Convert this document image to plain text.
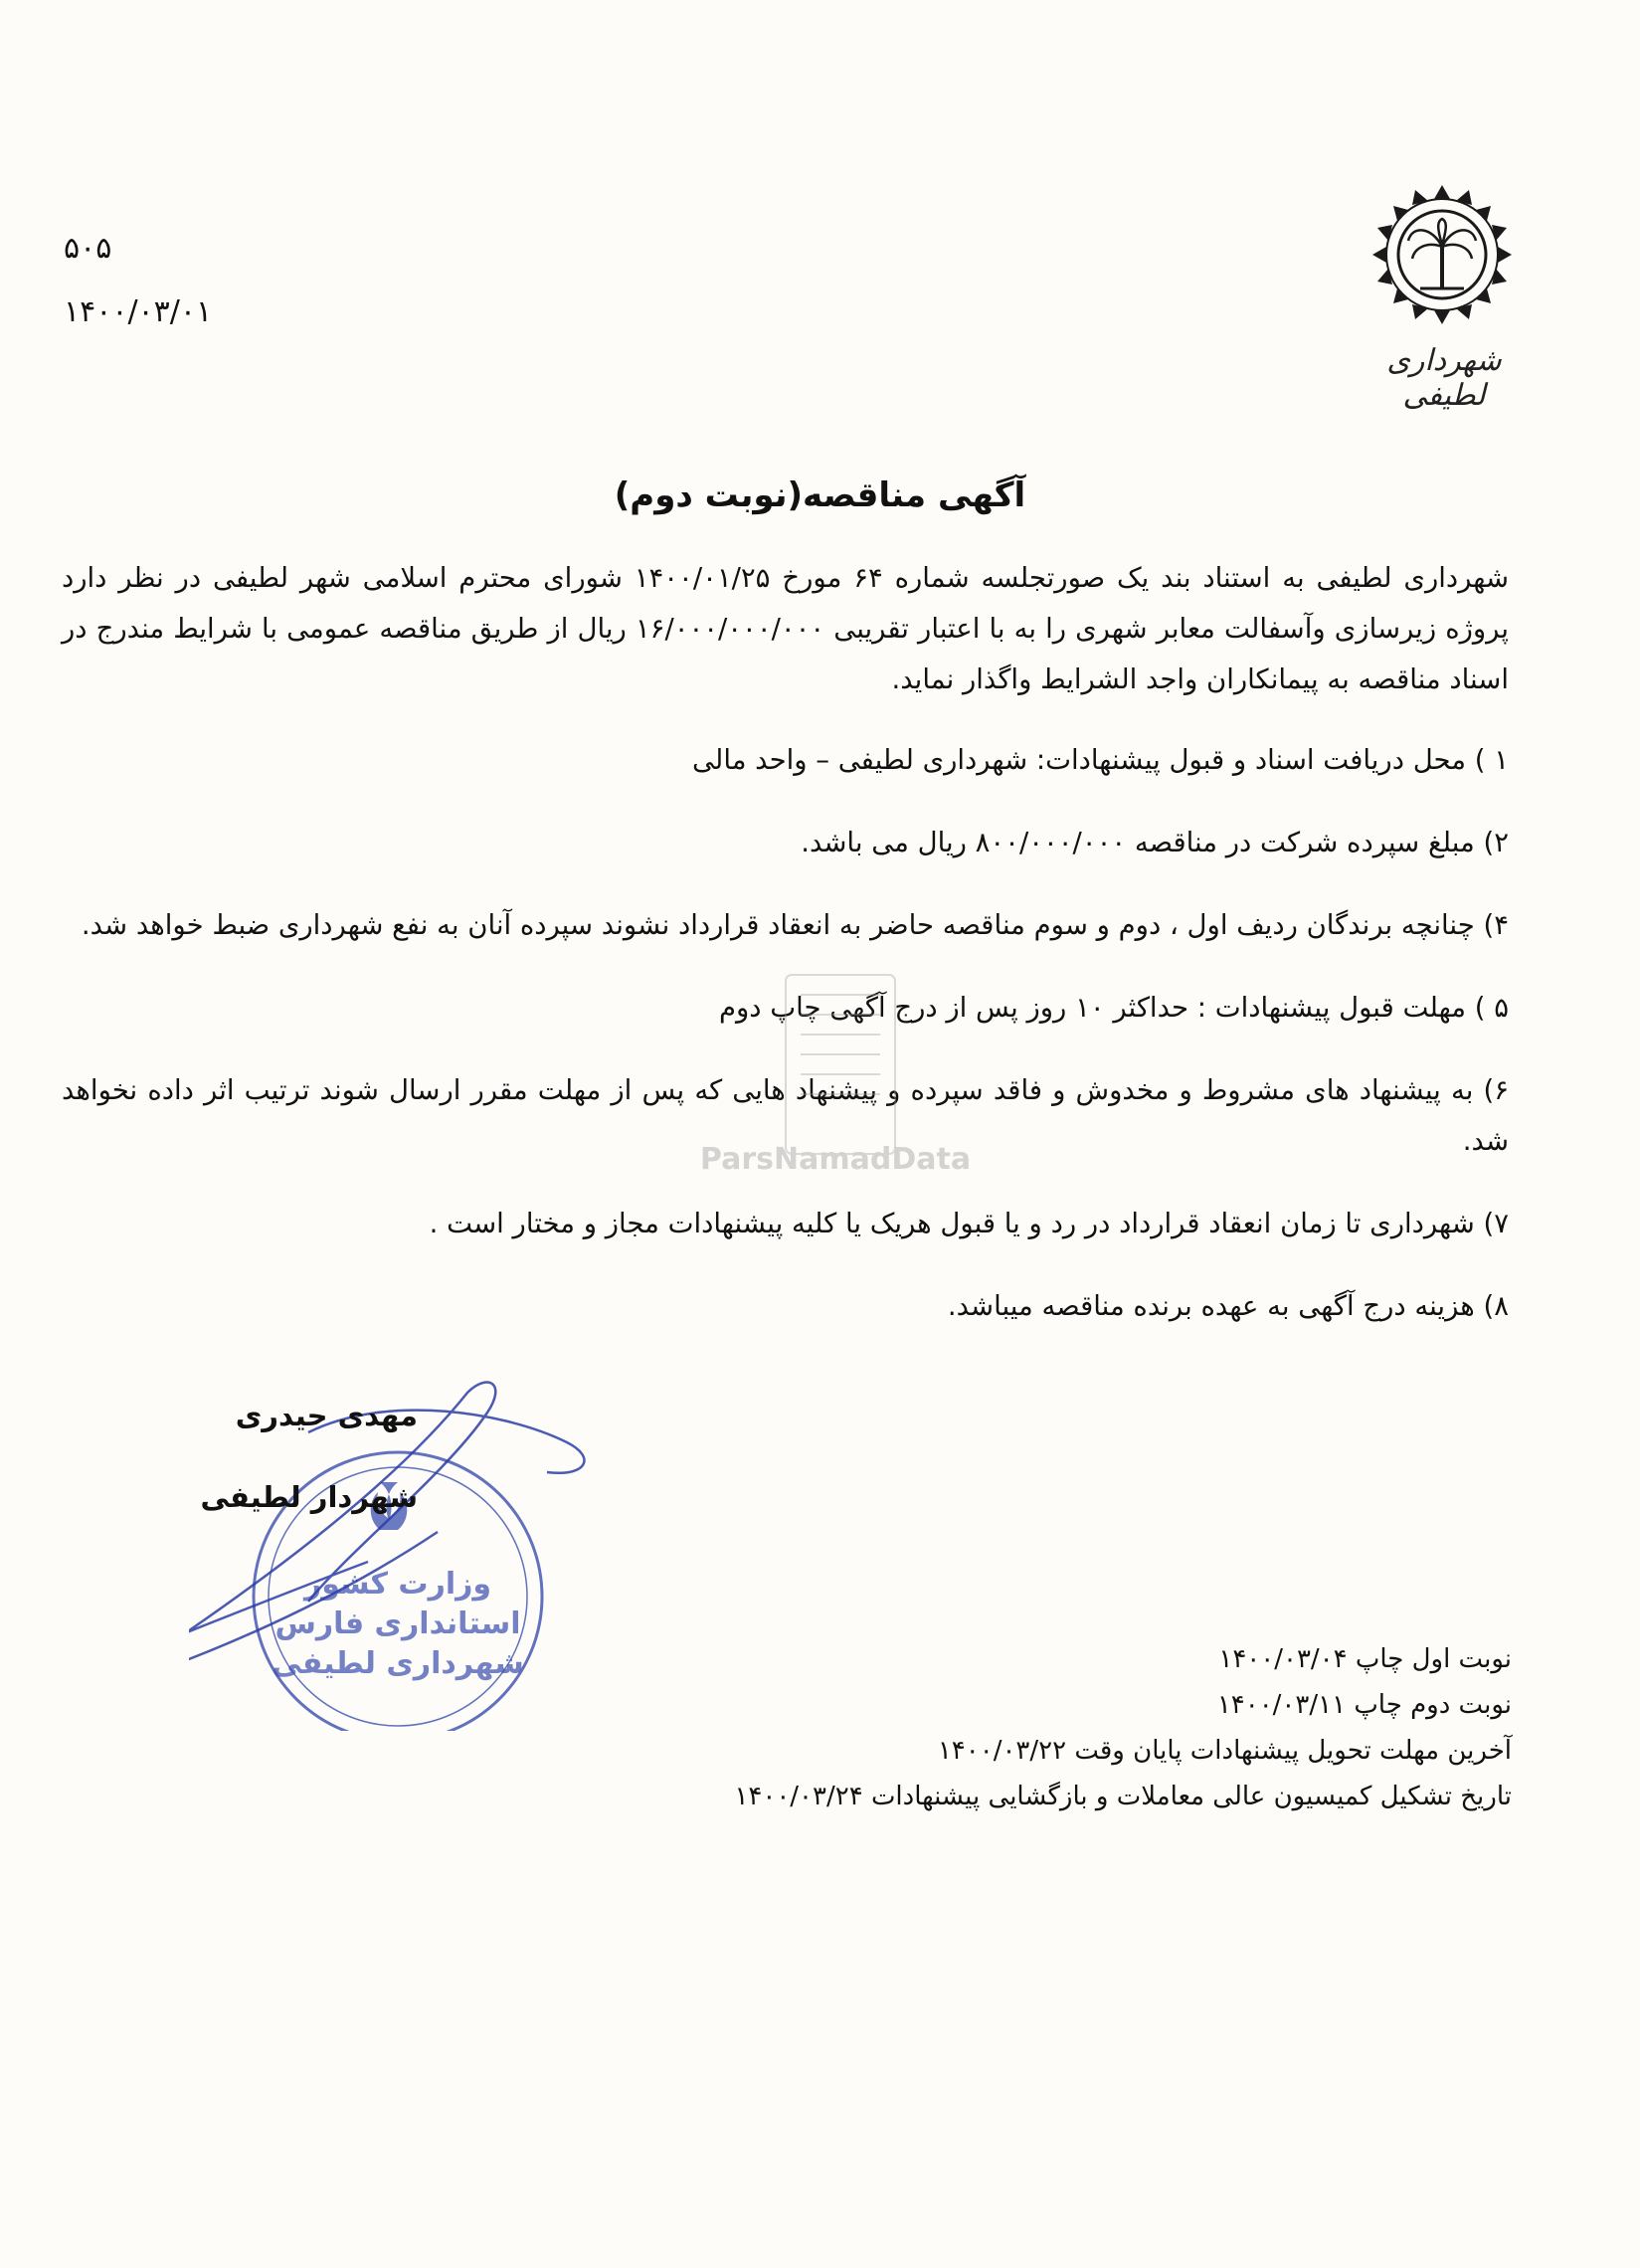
۵۰۵
۱۴۰۰/۰۳/۰۱
شهرداری لطیفی
آگهی مناقصه(نوبت دوم)

شهرداری لطیفی به استناد بند یک صورتجلسه شماره ۶۴ مورخ ۱۴۰۰/۰۱/۲۵ شورای محترم اسلامی شهر لطیفی در نظر دارد پروژه زیرسازی وآسفالت معابر شهری را به با اعتبار تقریبی ۱۶/۰۰۰/۰۰۰/۰۰۰ ریال از طریق مناقصه عمومی با شرایط مندرج در اسناد مناقصه به پیمانکاران واجد الشرایط واگذار نماید.

۱ ) محل دریافت اسناد و قبول پیشنهادات: شهرداری لطیفی – واحد مالی

۲) مبلغ سپرده شرکت در مناقصه ۸۰۰/۰۰۰/۰۰۰ ریال می باشد.

۴) چنانچه برندگان ردیف اول ، دوم و سوم مناقصه حاضر به انعقاد قرارداد نشوند سپرده آنان به نفع شهرداری ضبط خواهد شد.

۵ ) مهلت قبول پیشنهادات : حداکثر ۱۰ روز پس از درج آگهی چاپ دوم

۶) به پیشنهاد های مشروط و مخدوش و فاقد سپرده و پیشنهاد هایی که پس از مهلت مقرر ارسال شوند ترتیب اثر داده نخواهد شد.

۷) شهرداری تا زمان انعقاد قرارداد در رد و یا قبول هریک یا کلیه پیشنهادات مجاز و مختار است .

۸) هزینه درج آگهی به عهده برنده مناقصه میباشد.

ParsNamadData
وزارت کشور
استانداری فارس
شهرداری لطیفی
مهدی حیدری
شهردار لطیفی
نوبت اول چاپ ۱۴۰۰/۰۳/۰۴
نوبت دوم چاپ ۱۴۰۰/۰۳/۱۱
آخرین مهلت تحویل پیشنهادات پایان وقت ۱۴۰۰/۰۳/۲۲
تاریخ تشکیل کمیسیون عالی معاملات و بازگشایی پیشنهادات ۱۴۰۰/۰۳/۲۴
